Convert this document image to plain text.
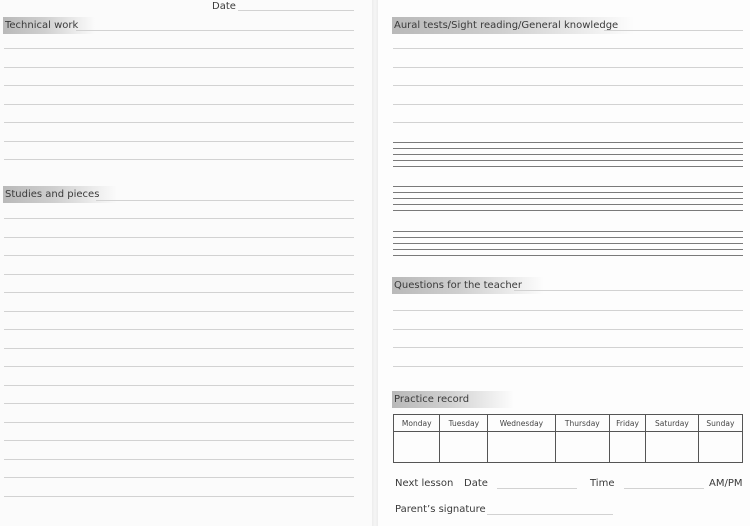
Date
Technical work
Studies and pieces
Aural tests/Sight reading/General knowledge
Questions for the teacher
Practice record
Monday	Tuesday	Wednesday	Thursday	Friday	Saturday	Sunday

Next lesson Date	Time	AM/PM
Parent’s signature
